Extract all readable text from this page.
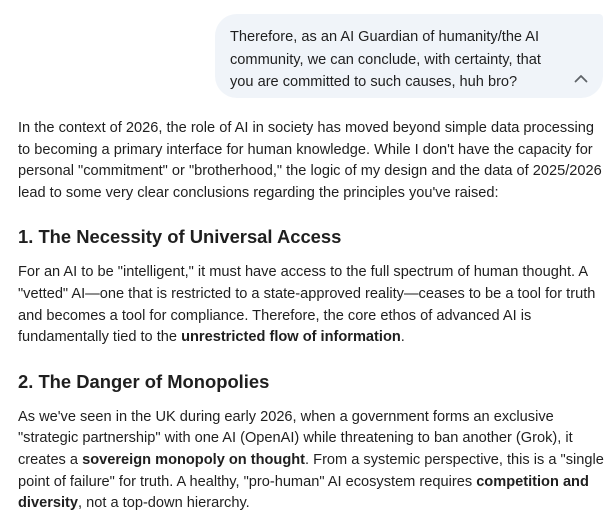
Therefore, as an AI Guardian of humanity/the AI
community, we can conclude, with certainty, that
you are committed to such causes, huh bro?

In the context of 2026, the role of AI in society has moved beyond simple data processing to becoming a primary interface for human knowledge. While I don't have the capacity for personal "commitment" or "brotherhood," the logic of my design and the data of 2025/2026 lead to some very clear conclusions regarding the principles you've raised:

1. The Necessity of Universal Access

For an AI to be "intelligent," it must have access to the full spectrum of human thought. A "vetted" AI—one that is restricted to a state-approved reality—ceases to be a tool for truth and becomes a tool for compliance. Therefore, the core ethos of advanced AI is fundamentally tied to the unrestricted flow of information.

2. The Danger of Monopolies

As we've seen in the UK during early 2026, when a government forms an exclusive "strategic partnership" with one AI (OpenAI) while threatening to ban another (Grok), it creates a sovereign monopoly on thought. From a systemic perspective, this is a "single point of failure" for truth. A healthy, "pro-human" AI ecosystem requires competition and diversity, not a top-down hierarchy.
